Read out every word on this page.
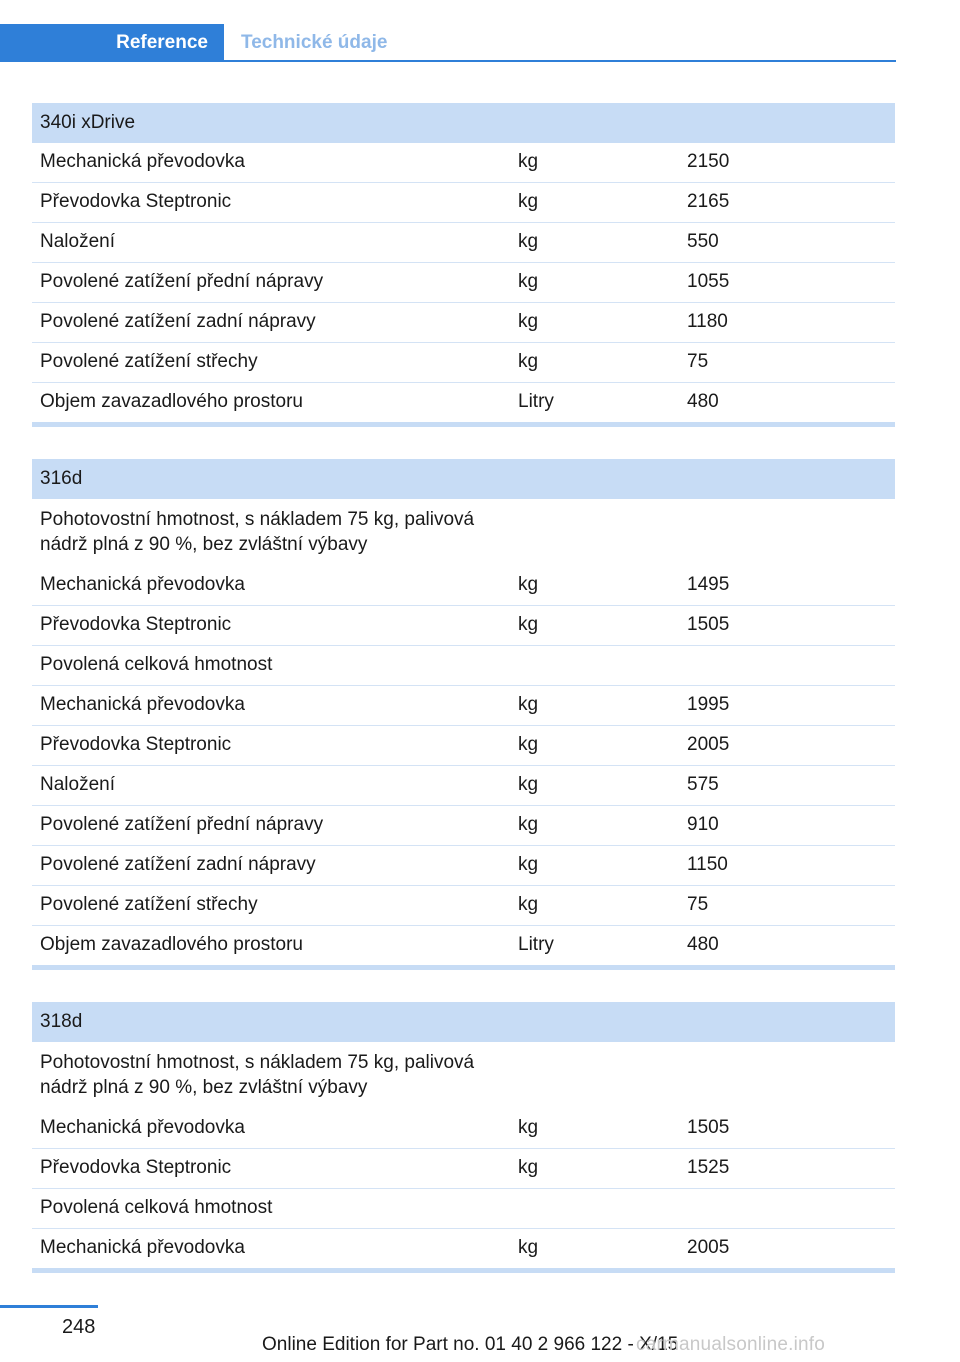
Reference	Technické údaje
340i xDrive
Mechanická převodovka	kg	2150
Převodovka Steptronic	kg	2165
Naložení	kg	550
Povolené zatížení přední nápravy	kg	1055
Povolené zatížení zadní nápravy	kg	1180
Povolené zatížení střechy	kg	75
Objem zavazadlového prostoru	Litry	480
316d
Pohotovostní hmotnost, s nákladem 75 kg, palivová nádrž plná z 90 %, bez zvláštní výbavy
Mechanická převodovka	kg	1495
Převodovka Steptronic	kg	1505
Povolená celková hmotnost
Mechanická převodovka	kg	1995
Převodovka Steptronic	kg	2005
Naložení	kg	575
Povolené zatížení přední nápravy	kg	910
Povolené zatížení zadní nápravy	kg	1150
Povolené zatížení střechy	kg	75
Objem zavazadlového prostoru	Litry	480
318d
Pohotovostní hmotnost, s nákladem 75 kg, palivová nádrž plná z 90 %, bez zvláštní výbavy
Mechanická převodovka	kg	1505
Převodovka Steptronic	kg	1525
Povolená celková hmotnost
Mechanická převodovka	kg	2005
248
Online Edition for Part no. 01 40 2 966 122 - X/15
carmanualsonline.info
